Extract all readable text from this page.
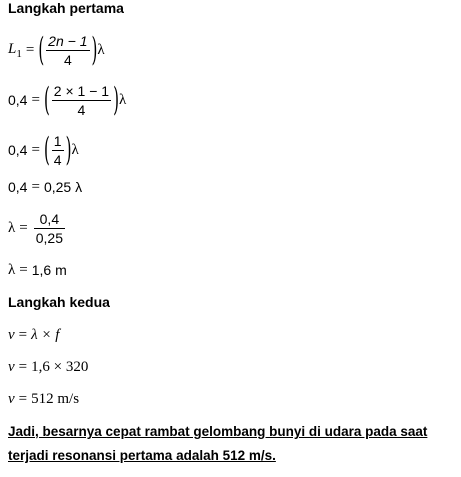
Langkah pertama
$L_1$ = ( $\frac{2n - 1}{4}$ ) λ
0,4 = ( $\frac{2 \times 1 - 1}{4}$ ) λ
0,4 = ( $\frac{1}{4}$ ) λ
0,4 = 0,25 λ
$\lambda = \frac{0,4}{0,25}$
λ = 1,6 m
Langkah kedua
v = λ × f
v = 1,6 × 320
v = 512 m/s
Jadi, besarnya cepat rambat gelombang bunyi di udara pada saat
terjadi resonansi pertama adalah 512 m/s.
